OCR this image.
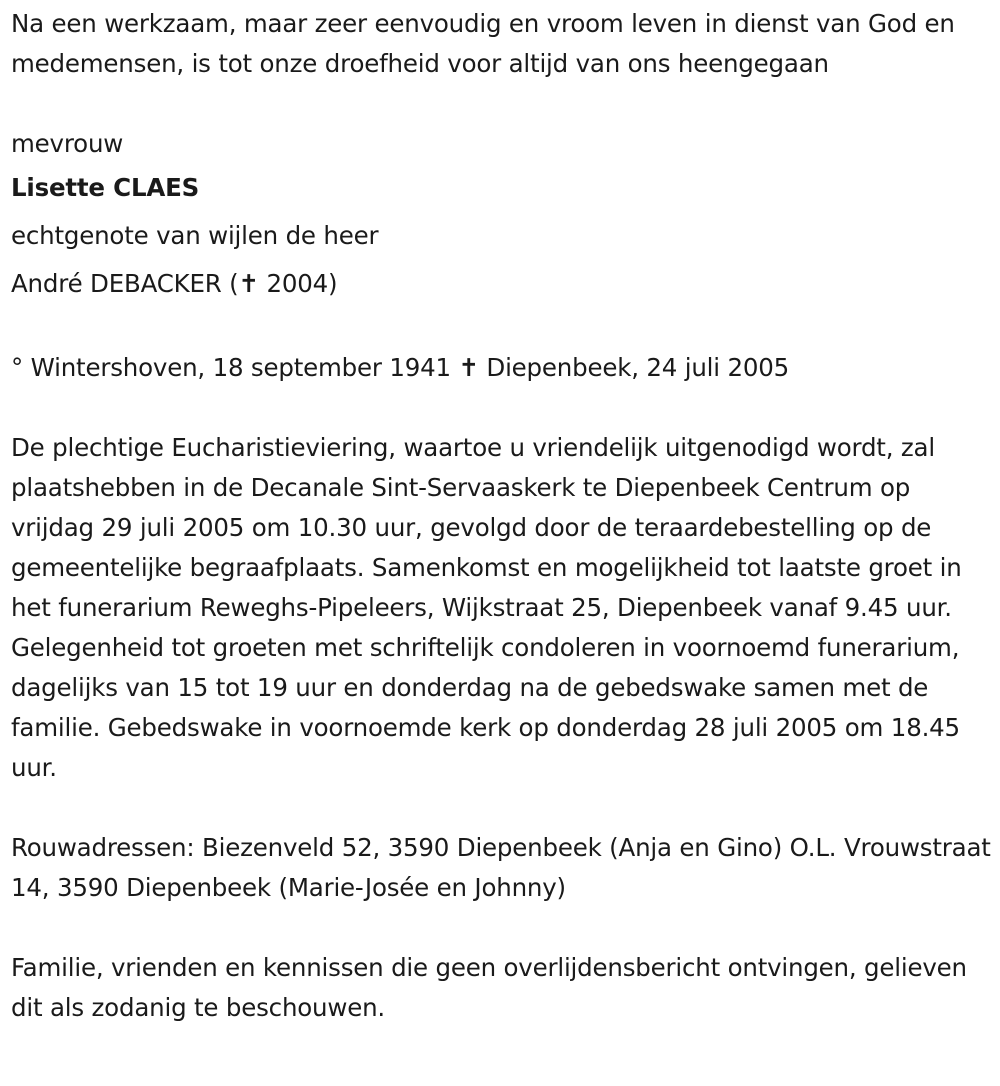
Na een werkzaam, maar zeer eenvoudig en vroom leven in dienst van God en medemensen, is tot onze droefheid voor altijd van ons heengegaan

mevrouw

Lisette CLAES

echtgenote van wijlen de heer

André DEBACKER (✝ 2004)

° Wintershoven, 18 september 1941 ✝ Diepenbeek, 24 juli 2005

De plechtige Eucharistieviering, waartoe u vriendelijk uitgenodigd wordt, zal plaatshebben in de Decanale Sint-Servaaskerk te Diepenbeek Centrum op vrijdag 29 juli 2005 om 10.30 uur, gevolgd door de teraardebestelling op de gemeentelijke begraafplaats. Samenkomst en mogelijkheid tot laatste groet in het funerarium Reweghs-Pipeleers, Wijkstraat 25, Diepenbeek vanaf 9.45 uur. Gelegenheid tot groeten met schriftelijk condoleren in voornoemd funerarium, dagelijks van 15 tot 19 uur en donderdag na de gebedswake samen met de familie. Gebedswake in voornoemde kerk op donderdag 28 juli 2005 om 18.45 uur.

Rouwadressen: Biezenveld 52, 3590 Diepenbeek (Anja en Gino) O.L. Vrouwstraat 14, 3590 Diepenbeek (Marie-Josée en Johnny)

Familie, vrienden en kennissen die geen overlijdensbericht ontvingen, gelieven dit als zodanig te beschouwen.
